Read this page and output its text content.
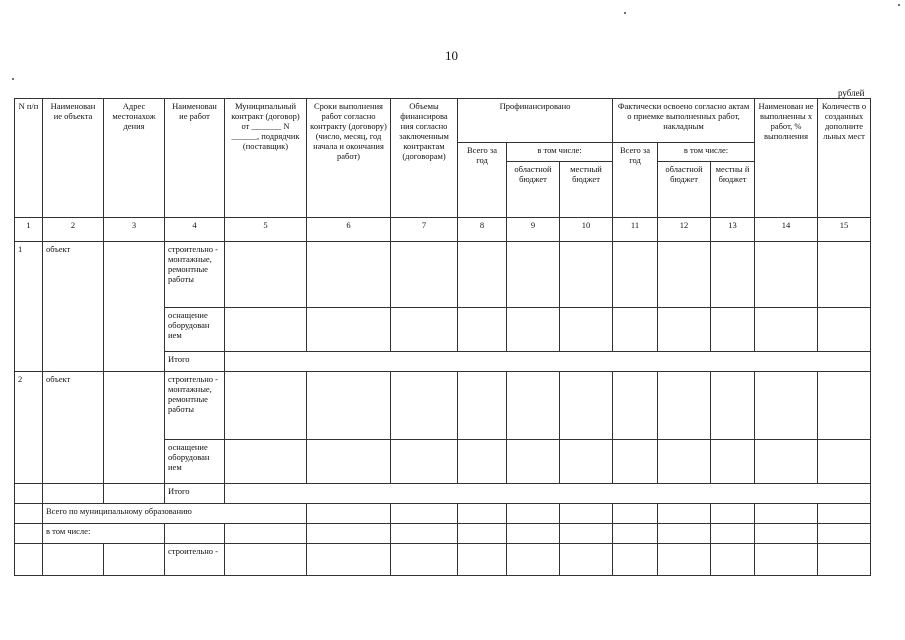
10
рублей
N п/п	Наименован ие объекта	Адрес местонахож дения	Наименован ие работ	Муниципальный контракт (договор) от _______ N ______, подрядчик (поставщик)	Сроки выполнения работ согласно контракту (договору) (число, месяц, год начала и окончания работ)	Объемы финансирова ния согласно заключенным контрактам (договорам)	Профинансировано			Фактически освоено согласно актам о приемке выполненных работ, накладным			Наименован ие выполненны х работ, % выполнения	Количеств о созданных дополните льных мест
							Всего за год	в том числе:		Всего за год	в том числе:			
								областной бюджет	местный бюджет		областной бюджет	местны й бюджет		
1	2	3	4	5	6	7	8	9	10	11	12	13	14	15
1	объект		строительно - монтажные, ремонтные работы											
			оснащение оборудован ием											
			Итого											
2	объект		строительно - монтажные, ремонтные работы											
			оснащение оборудован ием											
			Итого											
	Всего по муниципальному образованию													
	в том числе:													
			строительно -											
